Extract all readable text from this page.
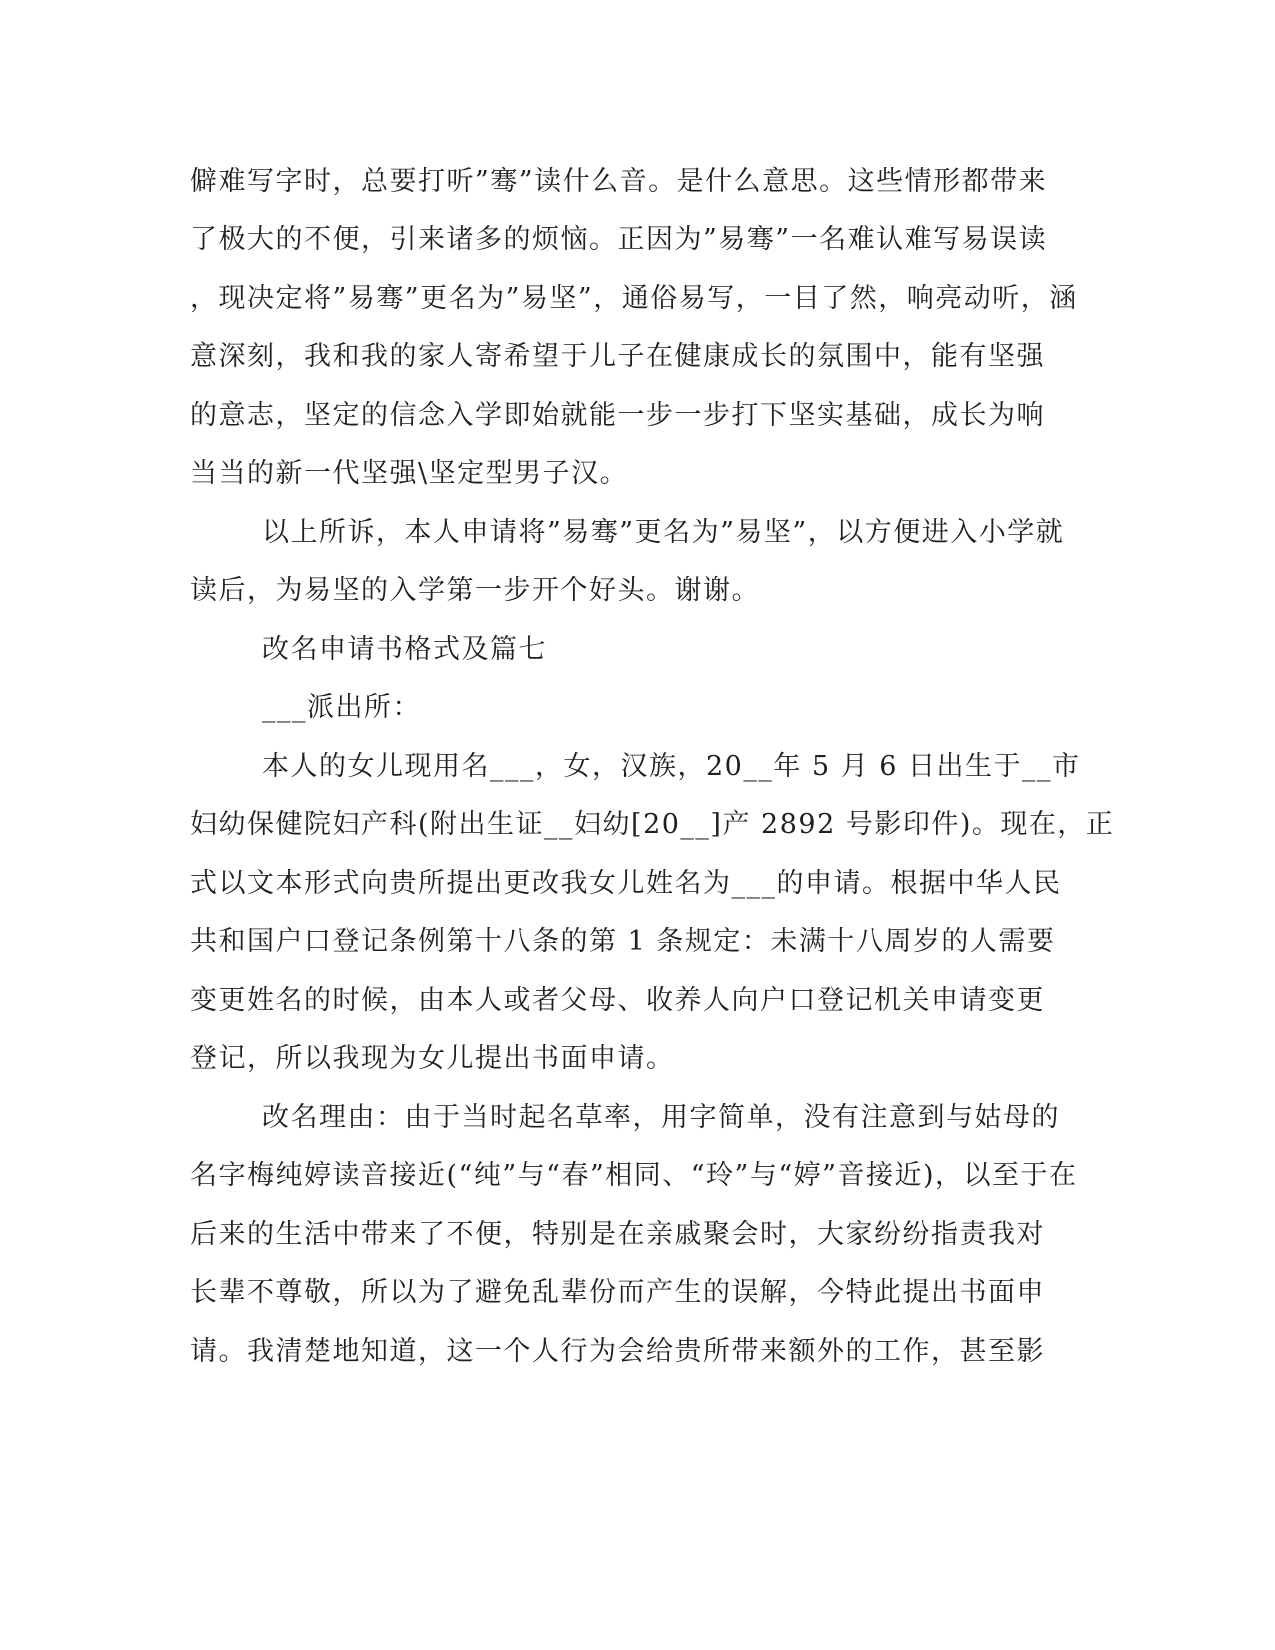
僻难写字时，总要打听”骞”读什么音。是什么意思。这些情形都带来
了极大的不便，引来诸多的烦恼。正因为”易骞”一名难认难写易误读
，现决定将”易骞”更名为”易坚”，通俗易写，一目了然，响亮动听，涵
意深刻，我和我的家人寄希望于儿子在健康成长的氛围中，能有坚强
的意志，坚定的信念入学即始就能一步一步打下坚实基础，成长为响
当当的新一代坚强\坚定型男子汉。
以上所诉，本人申请将”易骞”更名为”易坚”，以方便进入小学就
读后，为易坚的入学第一步开个好头。谢谢。
改名申请书格式及篇七
___派出所：
本人的女儿现用名___，女，汉族，20__年 5 月 6 日出生于__市
妇幼保健院妇产科(附出生证__妇幼[20__]产 2892 号影印件)。现在，正
式以文本形式向贵所提出更改我女儿姓名为___的申请。根据中华人民
共和国户口登记条例第十八条的第 1 条规定：未满十八周岁的人需要
变更姓名的时候，由本人或者父母、收养人向户口登记机关申请变更
登记，所以我现为女儿提出书面申请。
改名理由：由于当时起名草率，用字简单，没有注意到与姑母的
名字梅纯婷读音接近(“纯”与“春”相同、“玲”与“婷”音接近)，以至于在
后来的生活中带来了不便，特别是在亲戚聚会时，大家纷纷指责我对
长辈不尊敬，所以为了避免乱辈份而产生的误解，今特此提出书面申
请。我清楚地知道，这一个人行为会给贵所带来额外的工作，甚至影
